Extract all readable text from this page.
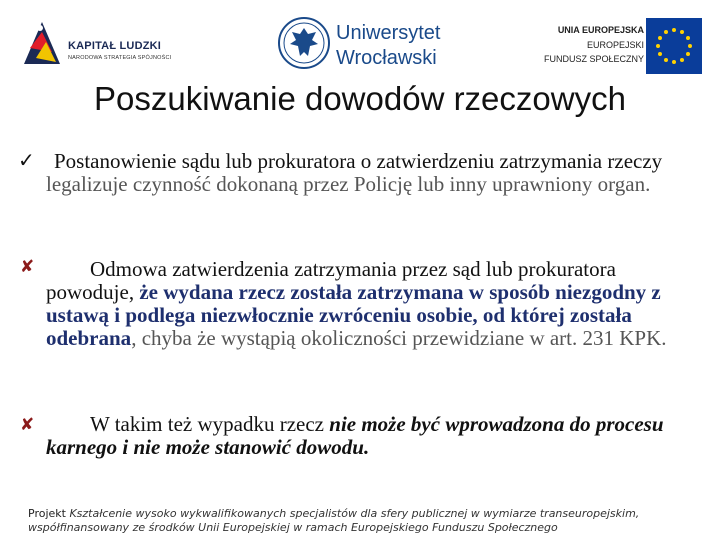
KAPITAŁ LUDZKI
NARODOWA STRATEGIA SPÓJNOŚCI
Uniwersytet
Wrocławski
UNIA EUROPEJSKA
EUROPEJSKI
FUNDUSZ SPOŁECZNY
Poszukiwanie dowodów rzeczowych
✓ Postanowienie sądu lub prokuratora o zatwierdzeniu zatrzymania rzeczy legalizuje czynność dokonaną przez Policję lub inny uprawniony organ.
✘	Odmowa zatwierdzenia zatrzymania przez sąd lub prokuratora powoduje, że wydana rzecz została zatrzymana w sposób niezgodny z ustawą i podlega niezwłocznie zwróceniu osobie, od której została odebrana, chyba że wystąpią okoliczności przewidziane w art. 231 KPK.
✘	W takim też wypadku rzecz nie może być wprowadzona do procesu karnego i nie może stanowić dowodu.
Projekt Kształcenie wysoko wykwalifikowanych specjalistów dla sfery publicznej w wymiarze transeuropejskim, współfinansowany ze środków Unii Europejskiej w ramach Europejskiego Funduszu Społecznego
